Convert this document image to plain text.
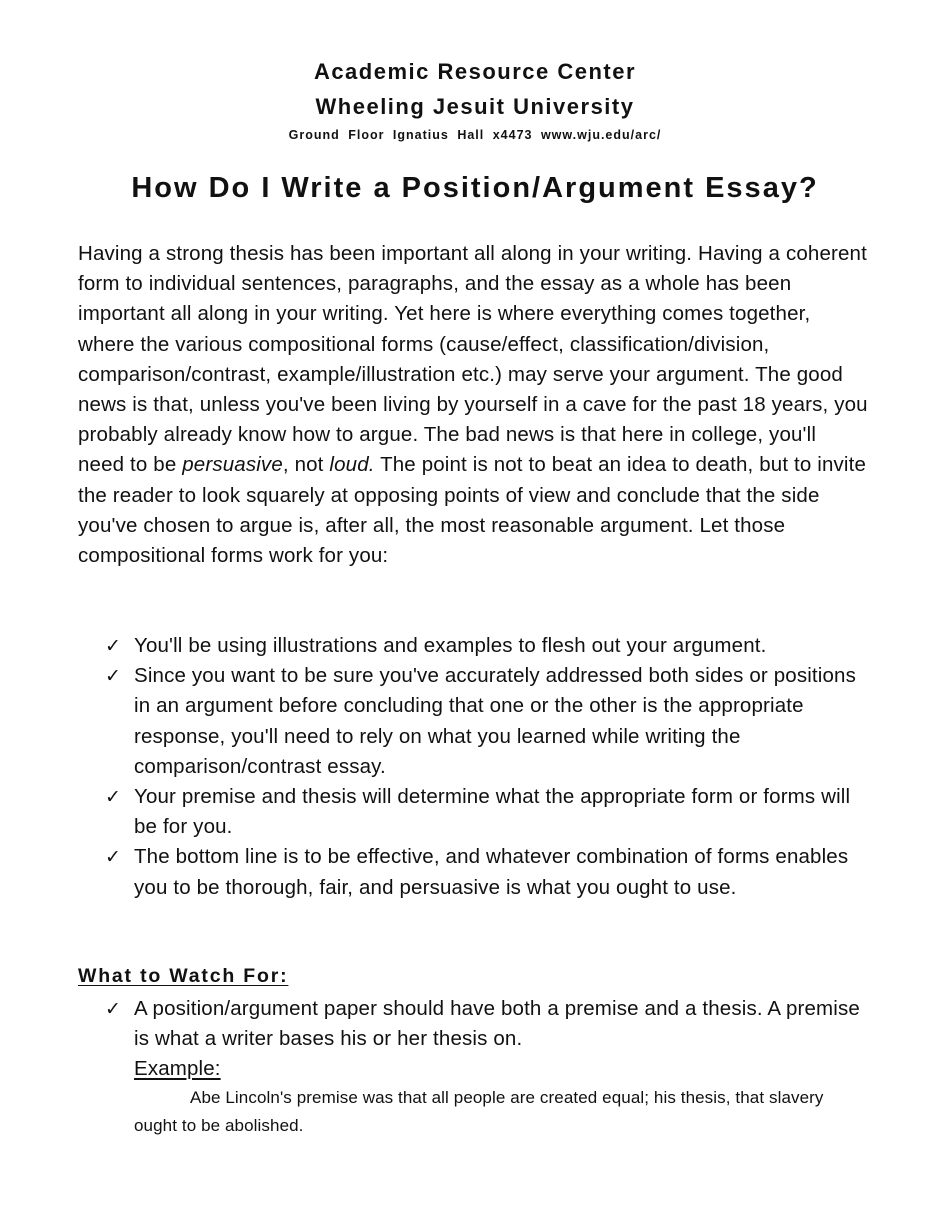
Academic Resource Center
Wheeling Jesuit University
Ground Floor Ignatius Hall x4473 www.wju.edu/arc/
How Do I Write a Position/Argument Essay?

Having a strong thesis has been important all along in your writing. Having a coherent form to individual sentences, paragraphs, and the essay as a whole has been important all along in your writing. Yet here is where everything comes together, where the various compositional forms (cause/effect, classification/division, comparison/contrast, example/illustration etc.) may serve your argument. The good news is that, unless you've been living by yourself in a cave for the past 18 years, you probably already know how to argue. The bad news is that here in college, you'll need to be persuasive, not loud. The point is not to beat an idea to death, but to invite the reader to look squarely at opposing points of view and conclude that the side you've chosen to argue is, after all, the most reasonable argument. Let those compositional forms work for you:

✓ You'll be using illustrations and examples to flesh out your argument.
✓ Since you want to be sure you've accurately addressed both sides or positions in an argument before concluding that one or the other is the appropriate response, you'll need to rely on what you learned while writing the comparison/contrast essay.
✓ Your premise and thesis will determine what the appropriate form or forms will be for you.
✓ The bottom line is to be effective, and whatever combination of forms enables you to be thorough, fair, and persuasive is what you ought to use.
What to Watch For:
✓ A position/argument paper should have both a premise and a thesis. A premise is what a writer bases his or her thesis on.
Example:

Abe Lincoln's premise was that all people are created equal; his thesis, that slavery ought to be abolished.
